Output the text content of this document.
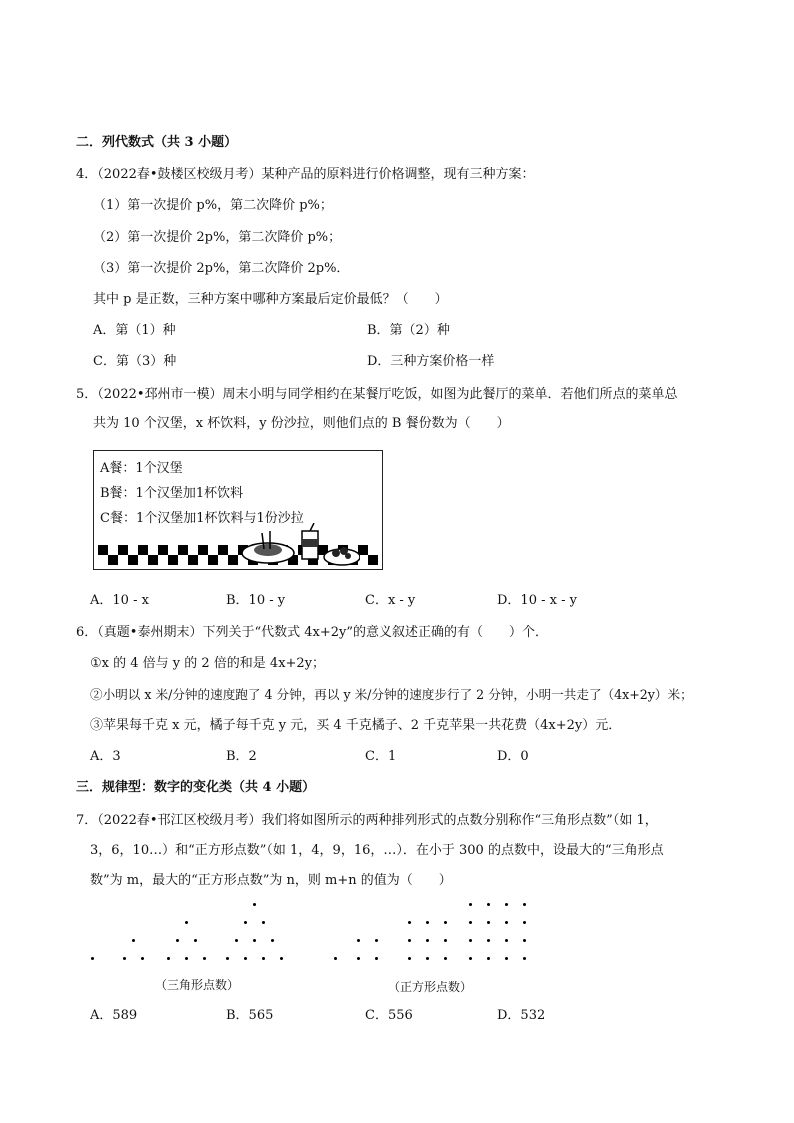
二．列代数式（共 3 小题）
4．（2022春•鼓楼区校级月考）某种产品的原料进行价格调整，现有三种方案：
（1）第一次提价 p%，第二次降价 p%；
（2）第一次提价 2p%，第二次降价 p%；
（3）第一次提价 2p%，第二次降价 2p%．
其中 p 是正数，三种方案中哪种方案最后定价最低？（　　）
A．第（1）种	B．第（2）种
C．第（3）种	D．三种方案价格一样
5．（2022•邳州市一模）周末小明与同学相约在某餐厅吃饭，如图为此餐厅的菜单．若他们所点的菜单总
共为 10 个汉堡，x 杯饮料，y 份沙拉，则他们点的 B 餐份数为（　　）
A餐：1个汉堡
B餐：1个汉堡加1杯饮料
C餐：1个汉堡加1杯饮料与1份沙拉
A．10 - x	B．10 - y	C．x - y	D．10 - x - y
6．（真题•泰州期末）下列关于“代数式 4x+2y”的意义叙述正确的有（　　）个．
①x 的 4 倍与 y 的 2 倍的和是 4x+2y；
②小明以 x 米/分钟的速度跑了 4 分钟，再以 y 米/分钟的速度步行了 2 分钟，小明一共走了（4x+2y）米；
③苹果每千克 x 元，橘子每千克 y 元，买 4 千克橘子、2 千克苹果一共花费（4x+2y）元．
A．3	B．2	C．1	D．0
三．规律型：数字的变化类（共 4 小题）
7．（2022春•邗江区校级月考）我们将如图所示的两种排列形式的点数分别称作“三角形点数”（如 1，
3，6，10…）和“正方形点数”（如 1，4，9，16，…）．在小于 300 的点数中，设最大的“三角形点
数”为 m，最大的“正方形点数”为 n，则 m+n 的值为（　　）
（三角形点数）	（正方形点数）
A．589	B．565	C．556	D．532
